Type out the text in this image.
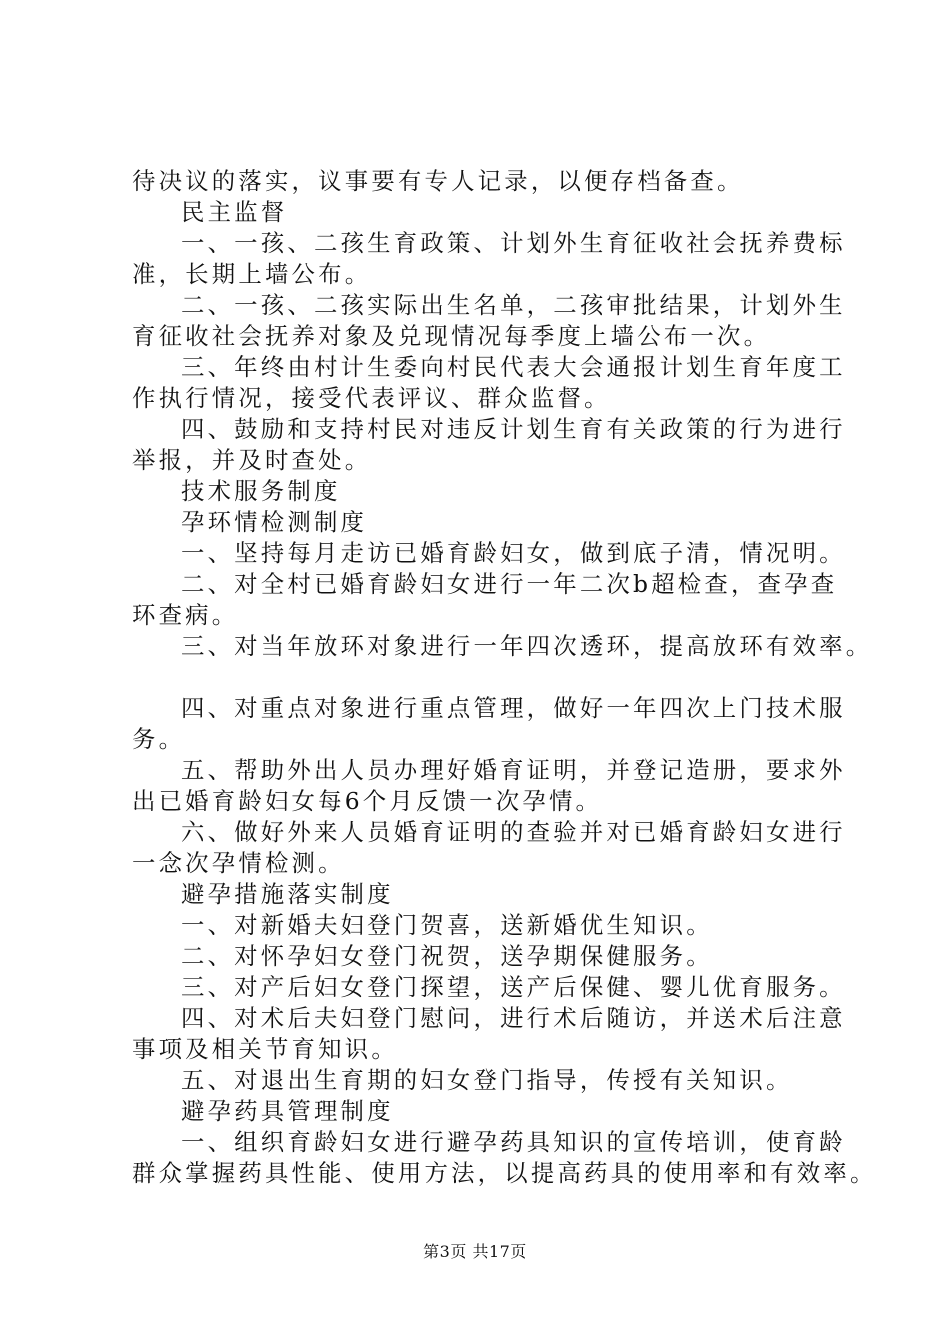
待决议的落实，议事要有专人记录，以便存档备查。
民主监督
一、一孩、二孩生育政策、计划外生育征收社会抚养费标
准，长期上墙公布。
二、一孩、二孩实际出生名单，二孩审批结果，计划外生
育征收社会抚养对象及兑现情况每季度上墙公布一次。
三、年终由村计生委向村民代表大会通报计划生育年度工
作执行情况，接受代表评议、群众监督。
四、鼓励和支持村民对违反计划生育有关政策的行为进行
举报，并及时查处。
技术服务制度
孕环情检测制度
一、坚持每月走访已婚育龄妇女，做到底子清，情况明。
二、对全村已婚育龄妇女进行一年二次b超检查，查孕查
环查病。
三、对当年放环对象进行一年四次透环，提高放环有效率。
四、对重点对象进行重点管理，做好一年四次上门技术服
务。
五、帮助外出人员办理好婚育证明，并登记造册，要求外
出已婚育龄妇女每6个月反馈一次孕情。
六、做好外来人员婚育证明的查验并对已婚育龄妇女进行
一念次孕情检测。
避孕措施落实制度
一、对新婚夫妇登门贺喜，送新婚优生知识。
二、对怀孕妇女登门祝贺，送孕期保健服务。
三、对产后妇女登门探望，送产后保健、婴儿优育服务。
四、对术后夫妇登门慰问，进行术后随访，并送术后注意
事项及相关节育知识。
五、对退出生育期的妇女登门指导，传授有关知识。
避孕药具管理制度
一、组织育龄妇女进行避孕药具知识的宣传培训，使育龄
群众掌握药具性能、使用方法，以提高药具的使用率和有效率。
第3页 共17页
